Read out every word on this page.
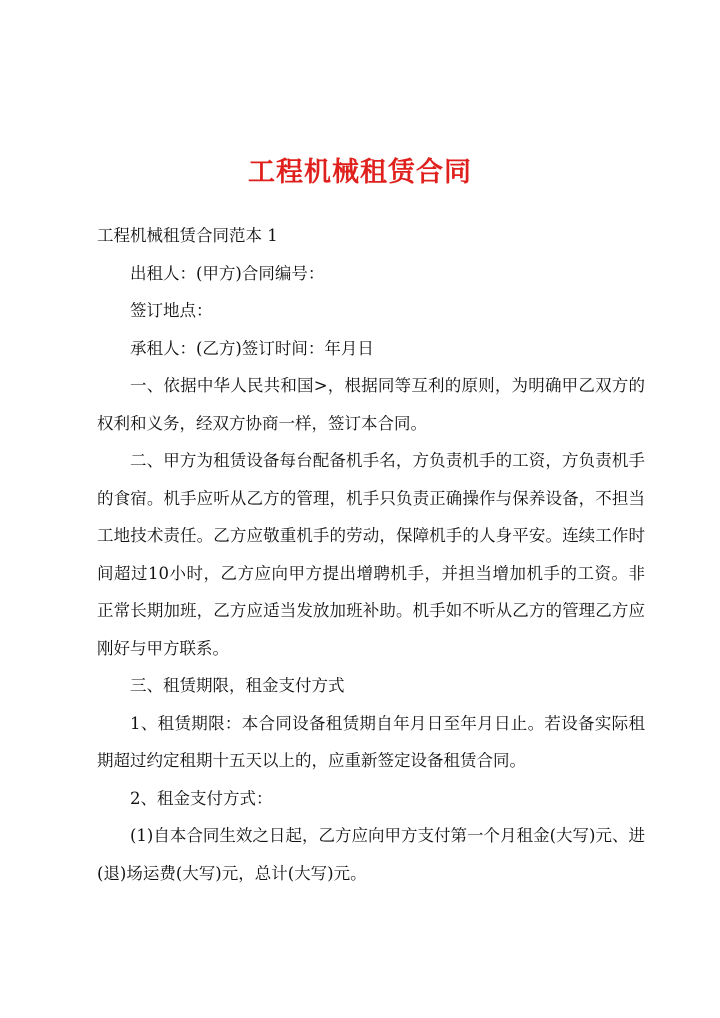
工程机械租赁合同

工程机械租赁合同范本 1

出租人：(甲方)合同编号：

签订地点：

承租人：(乙方)签订时间：年月日

一、依据中华人民共和国>，根据同等互利的原则，为明确甲乙双方的权利和义务，经双方协商一样，签订本合同。

二、甲方为租赁设备每台配备机手名，方负责机手的工资，方负责机手的食宿。机手应听从乙方的管理，机手只负责正确操作与保养设备，不担当工地技术责任。乙方应敬重机手的劳动，保障机手的人身平安。连续工作时间超过10小时，乙方应向甲方提出增聘机手，并担当增加机手的工资。非正常长期加班，乙方应适当发放加班补助。机手如不听从乙方的管理乙方应刚好与甲方联系。

三、租赁期限，租金支付方式

1、租赁期限：本合同设备租赁期自年月日至年月日止。若设备实际租期超过约定租期十五天以上的，应重新签定设备租赁合同。

2、租金支付方式：

(1)自本合同生效之日起，乙方应向甲方支付第一个月租金(大写)元、进(退)场运费(大写)元，总计(大写)元。
